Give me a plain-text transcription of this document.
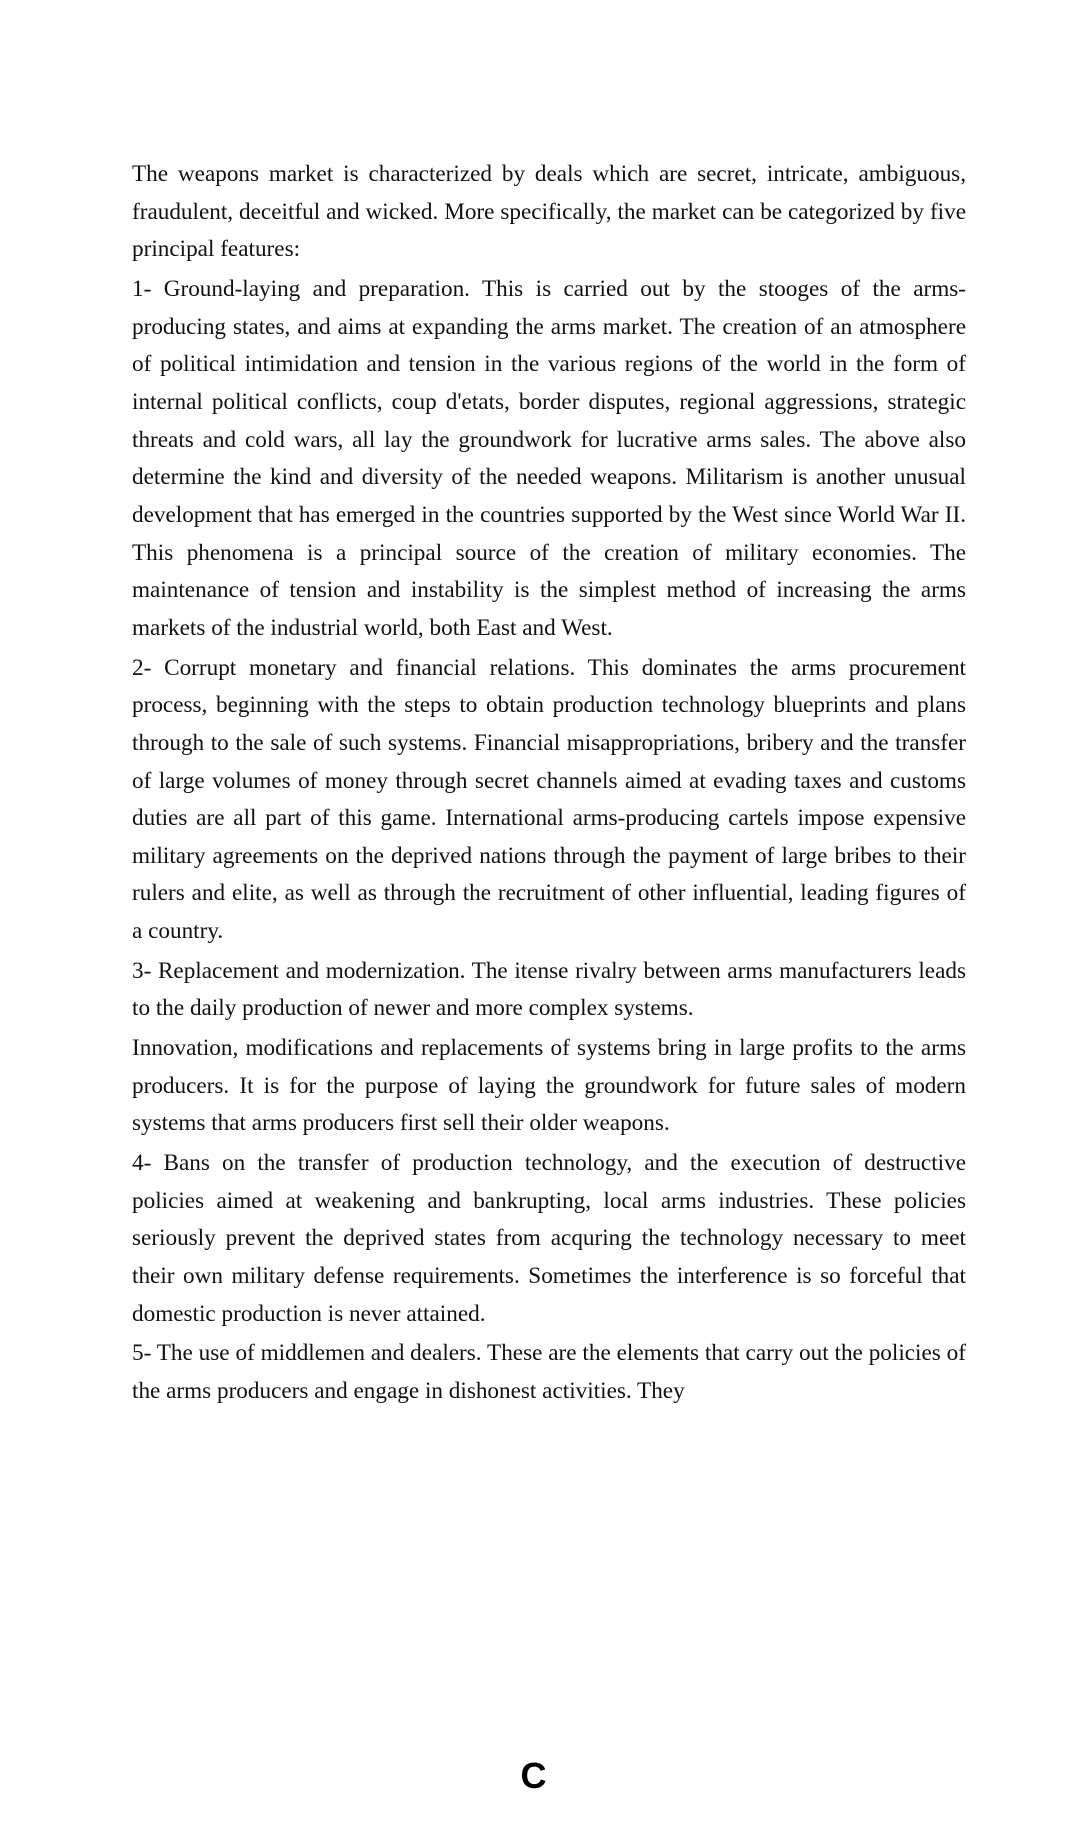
The weapons market is characterized by deals which are secret, intricate, ambiguous, fraudulent, deceitful and wicked. More specifically, the market can be categorized by five principal features:

1- Ground-laying and preparation. This is carried out by the stooges of the arms- producing states, and aims at expanding the arms market. The creation of an atmosphere of political intimidation and tension in the various regions of the world in the form of internal political conflicts, coup d'etats, border disputes, regional aggressions, strategic threats and cold wars, all lay the groundwork for lucrative arms sales. The above also determine the kind and diversity of the needed weapons. Militarism is another unusual development that has emerged in the countries supported by the West since World War II. This phenomena is a principal source of the creation of military economies. The maintenance of tension and instability is the simplest method of increasing the arms markets of the industrial world, both East and West.

2- Corrupt monetary and financial relations. This dominates the arms procurement process, beginning with the steps to obtain production technology blueprints and plans through to the sale of such systems. Financial misappropriations, bribery and the transfer of large volumes of money through secret channels aimed at evading taxes and customs duties are all part of this game. International arms-producing cartels impose expensive military agreements on the deprived nations through the payment of large bribes to their rulers and elite, as well as through the recruitment of other influential, leading figures of a country.

3- Replacement and modernization. The itense rivalry between arms manufacturers leads to the daily production of newer and more complex systems.

Innovation, modifications and replacements of systems bring in large profits to the arms producers. It is for the purpose of laying the groundwork for future sales of modern systems that arms producers first sell their older weapons.

4- Bans on the transfer of production technology, and the execution of destructive policies aimed at weakening and bankrupting, local arms industries. These policies seriously prevent the deprived states from acquring the technology necessary to meet their own military defense requirements. Sometimes the interference is so forceful that domestic production is never attained.

5- The use of middlemen and dealers. These are the elements that carry out the policies of the arms producers and engage in dishonest activities. They

C
